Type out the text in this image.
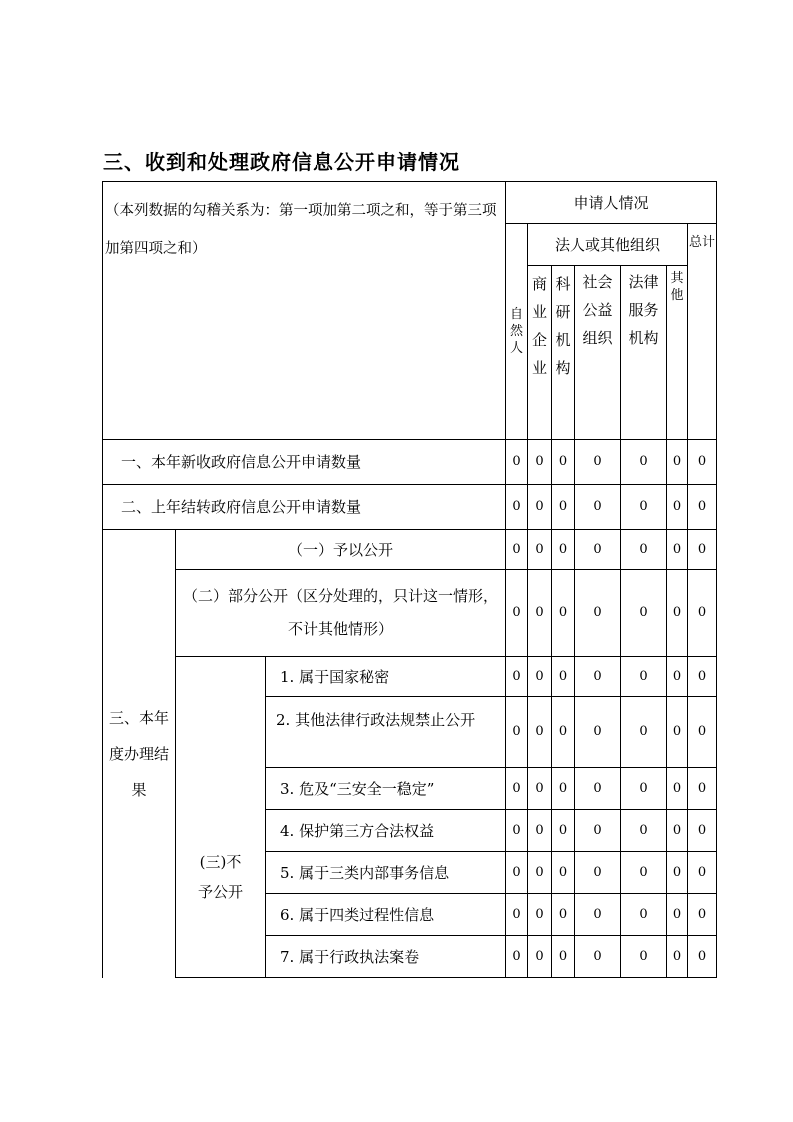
三、收到和处理政府信息公开申请情况
（本列数据的勾稽关系为：第一项加第二项之和，等于第三项加第四项之和）			申请人情况						

			自然人	法人或其他组织					总计

				商业企业	科研机构	社会公益组织	法律服务机构	其他	

一、本年新收政府信息公开申请数量			0	0	0	0	0	0	0
二、上年结转政府信息公开申请数量			0	0	0	0	0	0	0
三、本年度办理结果	（一）予以公开		0	0	0	0	0	0	0
	（二）部分公开（区分处理的，只计这一情形，不计其他情形）		0	0	0	0	0	0	0
	(三)不予公开	1. 属于国家秘密	0	0	0	0	0	0	0
		2. 其他法律行政法规禁止公开	0	0	0	0	0	0	0
		3. 危及“三安全一稳定”	0	0	0	0	0	0	0
		4. 保护第三方合法权益	0	0	0	0	0	0	0
		5. 属于三类内部事务信息	0	0	0	0	0	0	0
		6. 属于四类过程性信息	0	0	0	0	0	0	0
		7. 属于行政执法案卷	0	0	0	0	0	0	0
